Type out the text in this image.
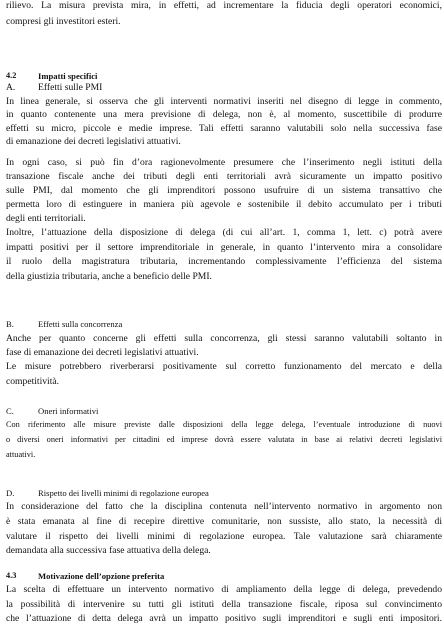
rilievo. La misura prevista mira, in effetti, ad incrementare la fiducia degli operatori economici,
compresi gli investitori esteri.
4.2	Impatti specifici
A. Effetti sulle PMI
In linea generale, si osserva che gli interventi normativi inseriti nel disegno di legge in commento,
in quanto contenente una mera previsione di delega, non è, al momento, suscettibile di produrre
effetti su micro, piccole e medie imprese. Tali effetti saranno valutabili solo nella successiva fase
di emanazione dei decreti legislativi attuativi.
In ogni caso, si può fin d’ora ragionevolmente presumere che l’inserimento negli istituti della
transazione fiscale anche dei tributi degli enti territoriali avrà sicuramente un impatto positivo
sulle PMI, dal momento che gli imprenditori possono usufruire di un sistema transattivo che
permetta loro di estinguere in maniera più agevole e sostenibile il debito accumulato per i tributi
degli enti territoriali.
Inoltre, l’attuazione della disposizione di delega (di cui all’art. 1, comma 1, lett. c) potrà avere
impatti positivi per il settore imprenditoriale in generale, in quanto l’intervento mira a consolidare
il ruolo della magistratura tributaria, incrementando complessivamente l’efficienza del sistema
della giustizia tributaria, anche a beneficio delle PMI.
B.	Effetti sulla concorrenza
Anche per quanto concerne gli effetti sulla concorrenza, gli stessi saranno valutabili soltanto in
fase di emanazione dei decreti legislativi attuativi.
Le misure potrebbero riverberarsi positivamente sul corretto funzionamento del mercato e della
competitività.
C.	Oneri informativi
Con riferimento alle misure previste dalle disposizioni della legge delega, l’eventuale introduzione di nuovi
o diversi oneri informativi per cittadini ed imprese dovrà essere valutata in base ai relativi decreti legislativi
attuativi.
D.	Rispetto dei livelli minimi di regolazione europea
In considerazione del fatto che la disciplina contenuta nell’intervento normativo in argomento non
è stata emanata al fine di recepire direttive comunitarie, non sussiste, allo stato, la necessità di
valutare il rispetto dei livelli minimi di regolazione europea. Tale valutazione sarà chiaramente
demandata alla successiva fase attuativa della delega.
4.3	Motivazione dell’opzione preferita
La scelta di effettuare un intervento normativo di ampliamento della legge di delega, prevedendo
la possibilità di intervenire su tutti gli istituti della transazione fiscale, riposa sul convincimento
che l’attuazione di detta delega avrà un impatto positivo sugli imprenditori e sugli enti impositori.
